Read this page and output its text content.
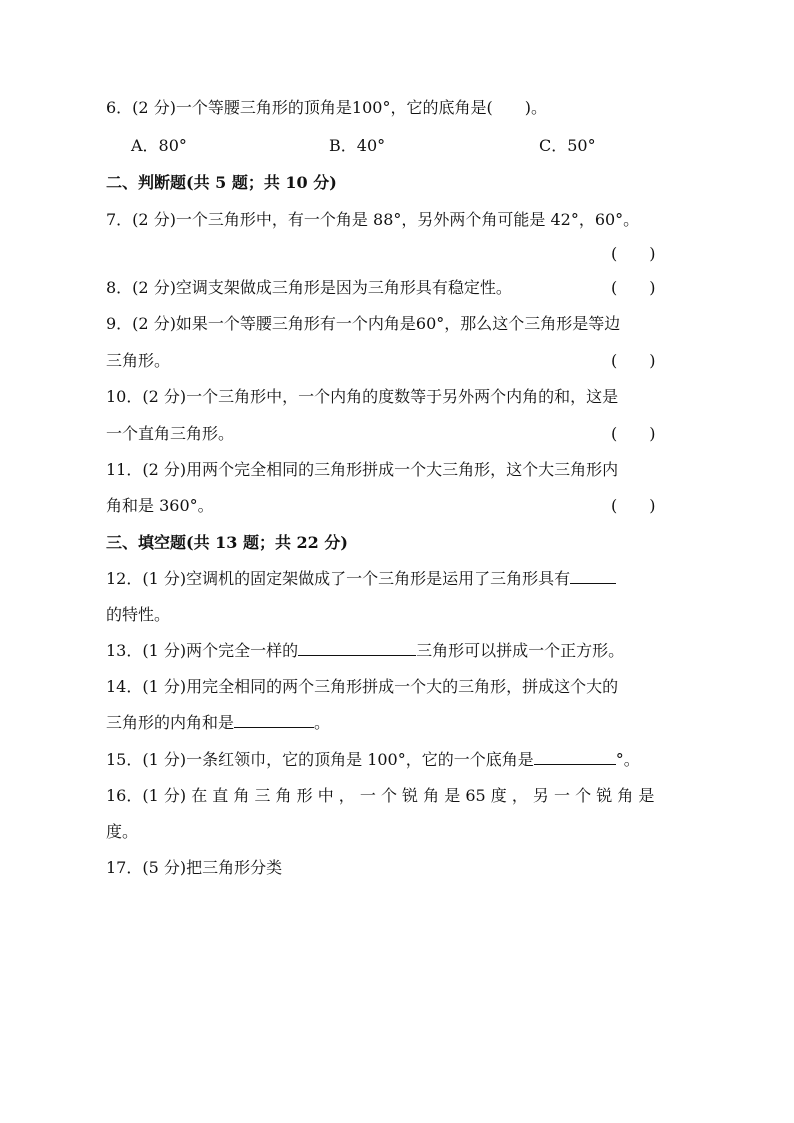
6．(2 分)一个等腰三角形的顶角是100°，它的底角是(　　)。
A．80°	B．40°	C．50°
二、判断题(共 5 题；共 10 分)
7．(2 分)一个三角形中，有一个角是 88°，另外两个角可能是 42°，60°。
(　　)
8．(2 分)空调支架做成三角形是因为三角形具有稳定性。	(　　)
9．(2 分)如果一个等腰三角形有一个内角是60°，那么这个三角形是等边
三角形。	(　　)
10．(2 分)一个三角形中，一个内角的度数等于另外两个内角的和，这是
一个直角三角形。	(　　)
11．(2 分)用两个完全相同的三角形拼成一个大三角形，这个大三角形内
角和是 360°。	(　　)
三、填空题(共 13 题；共 22 分)
12．(1 分)空调机的固定架做成了一个三角形是运用了三角形具有
的特性。
13．(1 分)两个完全一样的	三角形可以拼成一个正方形。
14．(1 分)用完全相同的两个三角形拼成一个大的三角形，拼成这个大的
三角形的内角和是	。
15．(1 分)一条红领巾，它的顶角是 100°，它的一个底角是	°。
16．(1 分) 在 直 角 三 角 形 中 ， 一 个 锐 角 是 65 度 ， 另 一 个 锐 角 是
度。
17．(5 分)把三角形分类
